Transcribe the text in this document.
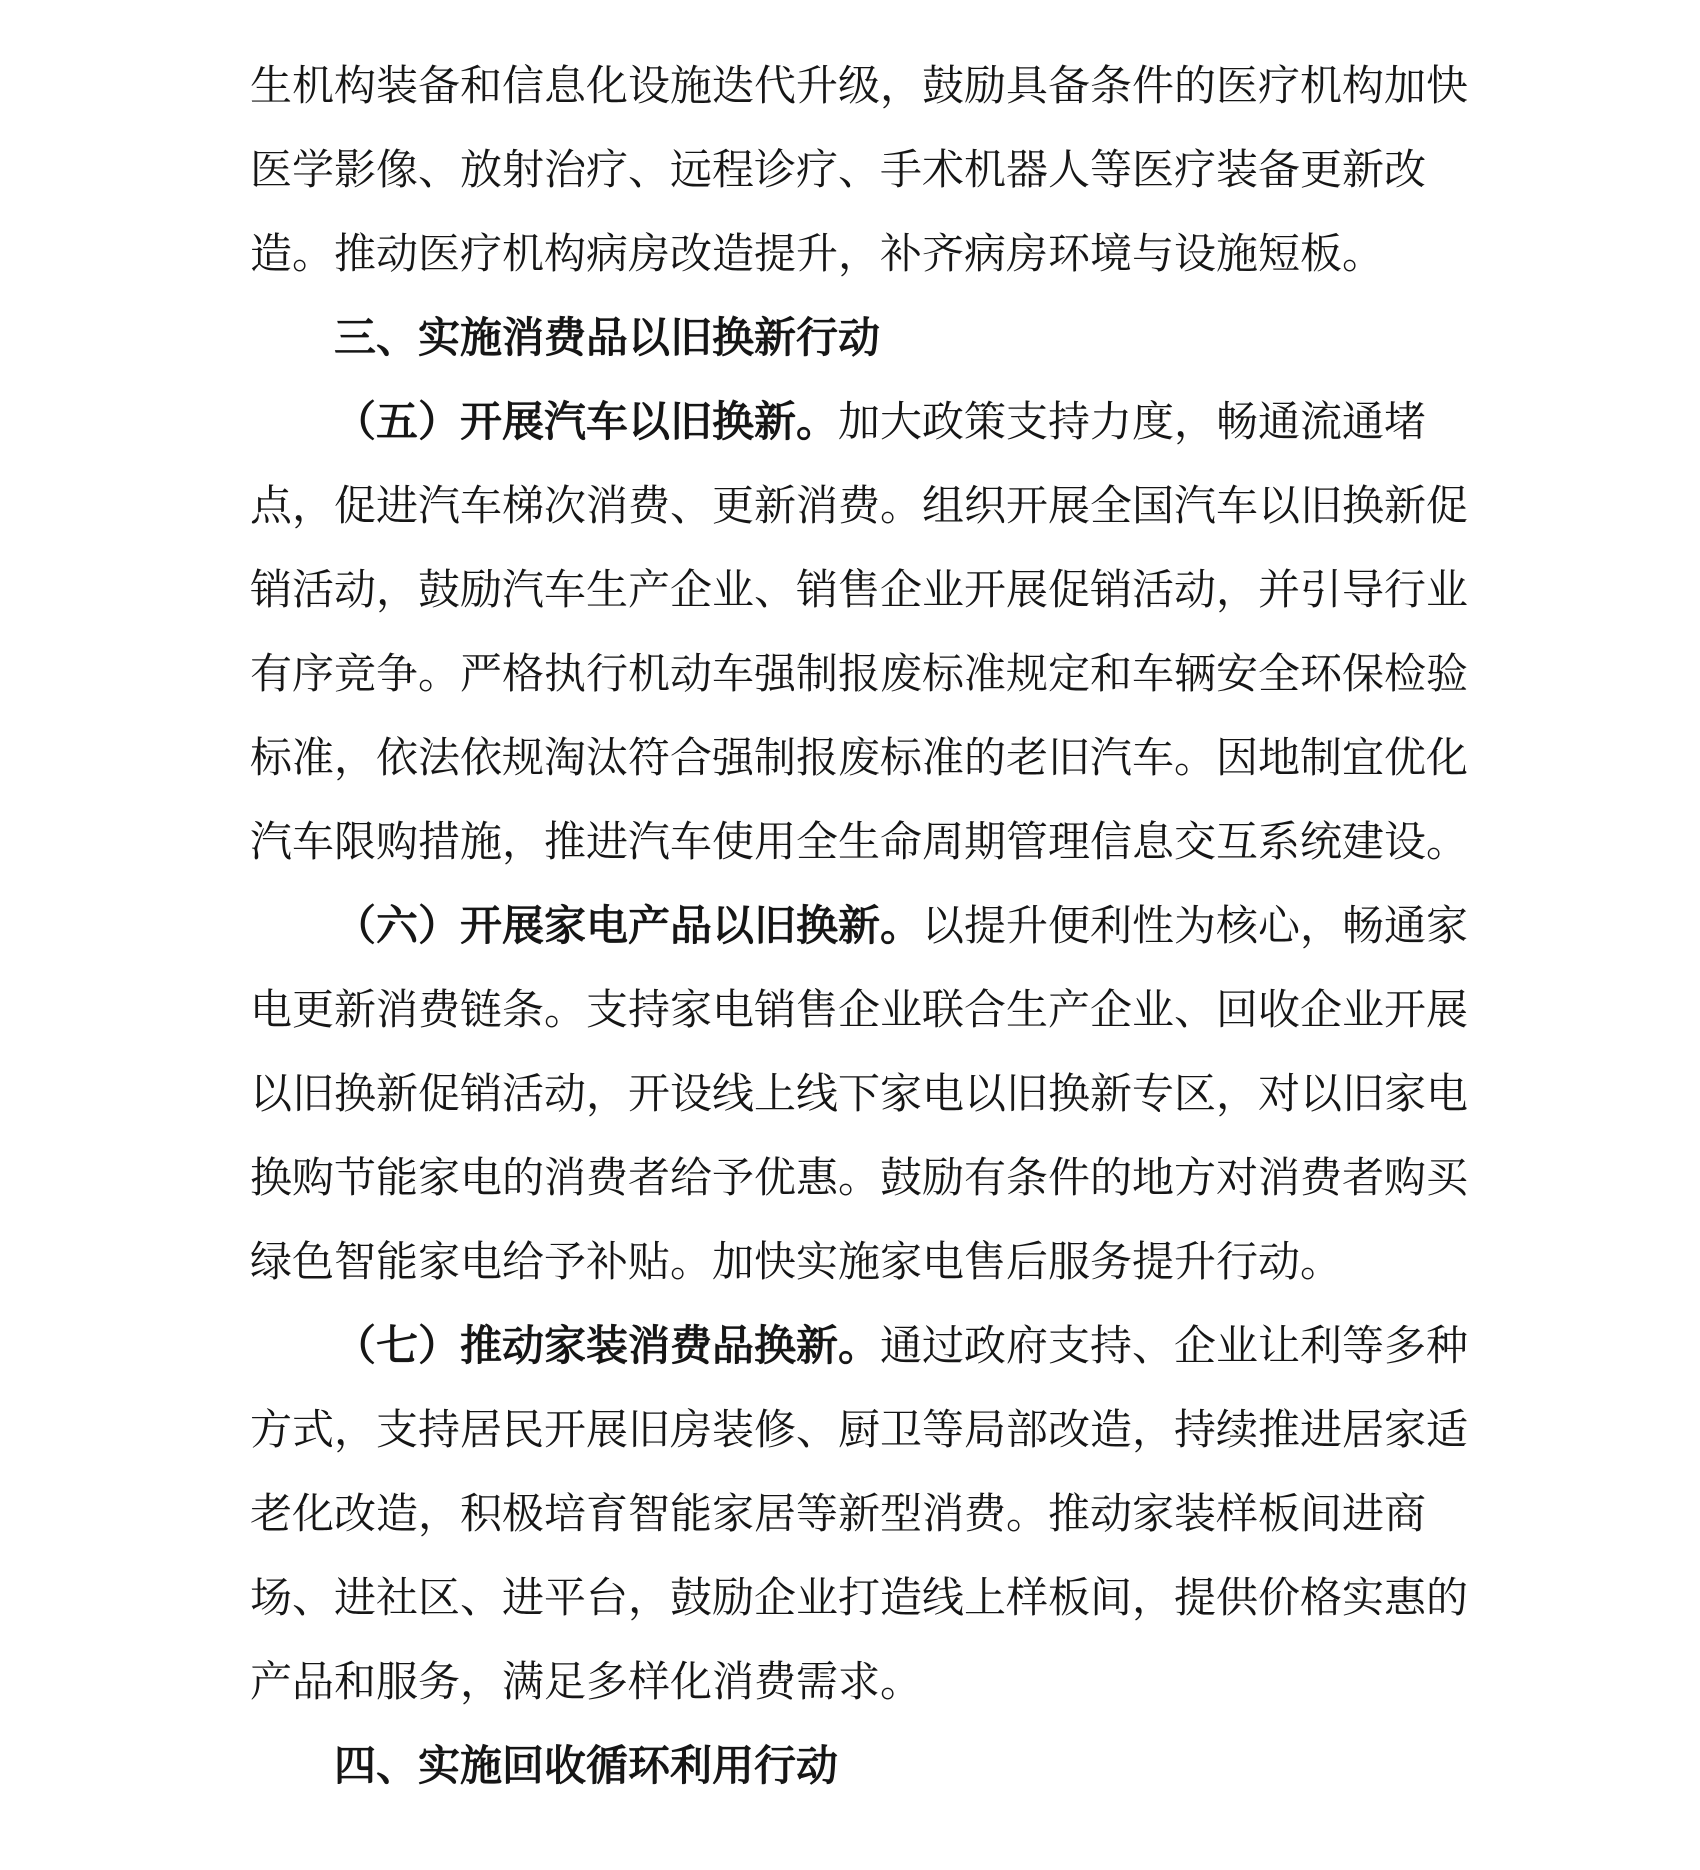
生机构装备和信息化设施迭代升级，鼓励具备条件的医疗机构加快
医学影像、放射治疗、远程诊疗、手术机器人等医疗装备更新改
造。推动医疗机构病房改造提升，补齐病房环境与设施短板。
三、实施消费品以旧换新行动
（五）开展汽车以旧换新。加大政策支持力度，畅通流通堵
点，促进汽车梯次消费、更新消费。组织开展全国汽车以旧换新促
销活动，鼓励汽车生产企业、销售企业开展促销活动，并引导行业
有序竞争。严格执行机动车强制报废标准规定和车辆安全环保检验
标准，依法依规淘汰符合强制报废标准的老旧汽车。因地制宜优化
汽车限购措施，推进汽车使用全生命周期管理信息交互系统建设。
（六）开展家电产品以旧换新。以提升便利性为核心，畅通家
电更新消费链条。支持家电销售企业联合生产企业、回收企业开展
以旧换新促销活动，开设线上线下家电以旧换新专区，对以旧家电
换购节能家电的消费者给予优惠。鼓励有条件的地方对消费者购买
绿色智能家电给予补贴。加快实施家电售后服务提升行动。
（七）推动家装消费品换新。通过政府支持、企业让利等多种
方式，支持居民开展旧房装修、厨卫等局部改造，持续推进居家适
老化改造，积极培育智能家居等新型消费。推动家装样板间进商
场、进社区、进平台，鼓励企业打造线上样板间，提供价格实惠的
产品和服务，满足多样化消费需求。
四、实施回收循环利用行动
